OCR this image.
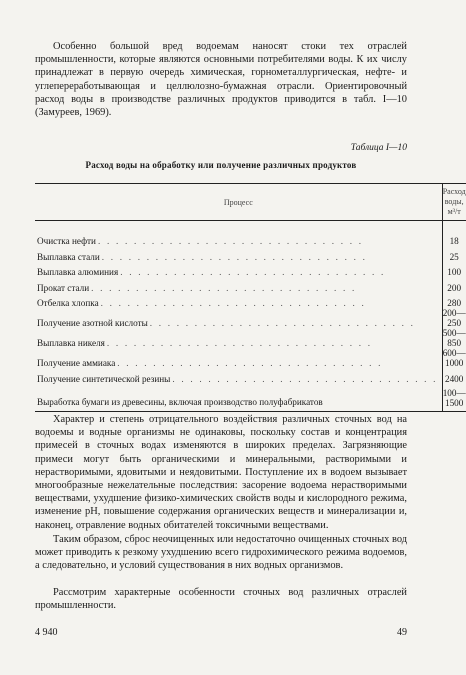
Особенно большой вред водоемам наносят стоки тех отраслей промышленности, которые являются основными потребителями воды. К их числу принадлежат в первую очередь химическая, горнометаллургическая, нефте- и углепереработывающая и целлюлозно-бумажная отрасли. Ориентировочный расход воды в производстве различных продуктов приводится в табл. I—10 (Замуреев, 1969).

Таблица I—10
Расход воды на обработку или получение различных продуктов
Процесс	Расход воды, м³/т
Очистка нефти . . . . . . . . . . . . . . . . . . . . . . . . . . . . . .	18
Выплавка стали . . . . . . . . . . . . . . . . . . . . . . . . . . . . . .	25
Выплавка алюминия . . . . . . . . . . . . . . . . . . . . . . . . . . . . . .	100
Прокат стали . . . . . . . . . . . . . . . . . . . . . . . . . . . . . .	200
Отбелка хлопка . . . . . . . . . . . . . . . . . . . . . . . . . . . . . .	280
Получение азотной кислоты . . . . . . . . . . . . . . . . . . . . . . . . . . . . . .	200—250
Выплавка никеля . . . . . . . . . . . . . . . . . . . . . . . . . . . . . .	500—850
Получение аммиака . . . . . . . . . . . . . . . . . . . . . . . . . . . . . .	600—1000
Получение синтетической резины . . . . . . . . . . . . . . . . . . . . . . . . . . . . . .	2400
Выработка бумаги из древесины, включая производство полуфабрикатов	100—1500

Характер и степень отрицательного воздействия различных сточных вод на водоемы и водные организмы не одинаковы, поскольку состав и концентрация примесей в сточных водах изменяются в широких пределах. Загрязняющие примеси могут быть органическими и минеральными, растворимыми и нерастворимыми, ядовитыми и неядовитыми. Поступление их в водоем вызывает многообразные нежелательные последствия: засорение водоема нерастворимыми веществами, ухудшение физико-химических свойств воды и кислородного режима, изменение pH, повышение содержания органических веществ и минерализации и, наконец, отравление водных обитателей токсичными веществами.

Таким образом, сброс неочищенных или недостаточно очищенных сточных вод может приводить к резкому ухудшению всего гидрохимического режима водоемов, а следовательно, и условий существования в них водных организмов.

Рассмотрим характерные особенности сточных вод различных отраслей промышленности.

4 940	49
